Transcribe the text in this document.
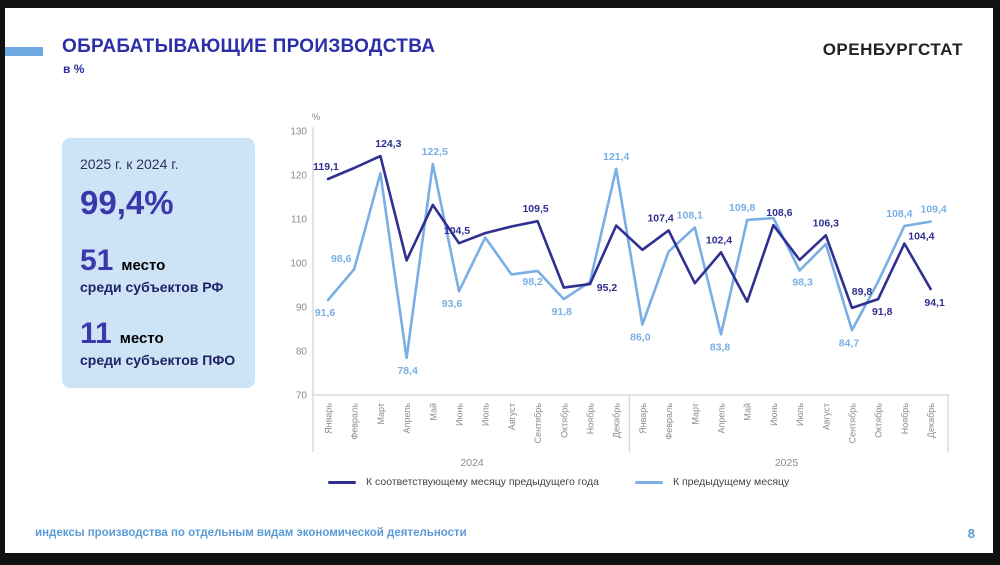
ОБРАБАТЫВАЮЩИЕ ПРОИЗВОДСТВА
в %
ОРЕНБУРГСТАТ
2025 г. к 2024 г.
99,4%
51 место
среди субъектов РФ
11 место
среди субъектов ПФО
%
70
80
90
100
110
120
130
Январь Февраль Март Апрель Май Июнь Июль Август Сентябрь Октябрь Ноябрь Декабрь
2024
Январь Февраль Март Апрель Май Июнь Июль Август Сентябрь Октябрь Ноябрь Декабрь
2025
91,6
98,6
78,4
122,5
93,6
98,2
91,8
121,4
86,0
108,1
83,8
109,8
98,3
84,7
108,4 109,4
119,1
124,3
104,5
109,5
95,2
107,4
102,4
108,6
106,3
89,8
91,8
104,4
94,1
К соответствующему месяцу предыдущего года	К предыдущему месяцу
индексы производства по отдельным видам экономической деятельности	8
